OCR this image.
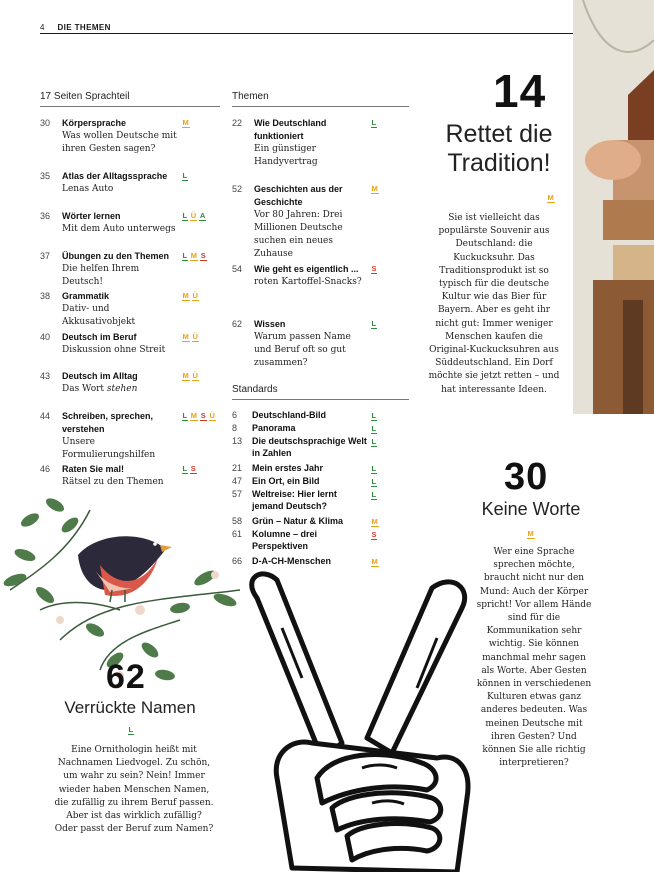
4 DIE THEMEN
17 Seiten Sprachteil
30	Körpersprache
Was wollen Deutsche mit ihren Gesten sagen?
M
35	Atlas der Alltagssprache
Lenas Auto
L
36	Wörter lernen
Mit dem Auto unterwegs
L Ü A
37	Übungen zu den Themen
Die helfen Ihrem Deutsch!
L M S
38	Grammatik
Dativ- und Akkusativobjekt
M Ü
40	Deutsch im Beruf
Diskussion ohne Streit
M Ü
43	Deutsch im Alltag
Das Wort stehen
M Ü
44	Schreiben, sprechen, verstehen
Unsere Formulierungshilfen
L M S Ü
46	Raten Sie mal!
Rätsel zu den Themen
L S
Themen
22	Wie Deutschland funktioniert
Ein günstiger Handyvertrag
L
52	Geschichten aus der Geschichte
Vor 80 Jahren: Drei Millionen Deutsche suchen ein neues Zuhause
M
54	Wie geht es eigentlich ...
roten Kartoffel-Snacks?
S
62	Wissen
Warum passen Name und Beruf oft so gut zusammen?
L
Standards
6	Deutschland-Bild	L
8	Panorama	L
13	Die deutschsprachige Welt in Zahlen
L
21	Mein erstes Jahr	L
47	Ein Ort, ein Bild	L
57	Weltreise: Hier lernt jemand Deutsch?
L
58	Grün – Natur & Klima	M
61	Kolumne – drei Perspektiven
S
66	D-A-CH-Menschen	M
14
Rettet die Tradition!
M
Sie ist vielleicht das populärste Souvenir aus Deutschland: die Kuckucksuhr. Das Traditionsprodukt ist so typisch für die deutsche Kultur wie das Bier für Bayern. Aber es geht ihr nicht gut: Immer weniger Menschen kaufen die Original-Kuckucksuhren aus Süddeutschland. Ein Dorf möchte sie jetzt retten – und hat interessante Ideen.
30
Keine Worte
M
Wer eine Sprache sprechen möchte, braucht nicht nur den Mund: Auch der Körper spricht! Vor allem Hände sind für die Kommunikation sehr wichtig. Sie können manchmal mehr sagen als Worte. Aber Gesten können in verschiedenen Kulturen etwas ganz anderes bedeuten. Was meinen Deutsche mit ihren Gesten? Und können Sie alle richtig interpretieren?
62
Verrückte Namen
L
Eine Ornithologin heißt mit Nachnamen Liedvogel. Zu schön, um wahr zu sein? Nein! Immer wieder haben Menschen Namen, die zufällig zu ihrem Beruf passen. Aber ist das wirklich zufällig? Oder passt der Beruf zum Namen?
